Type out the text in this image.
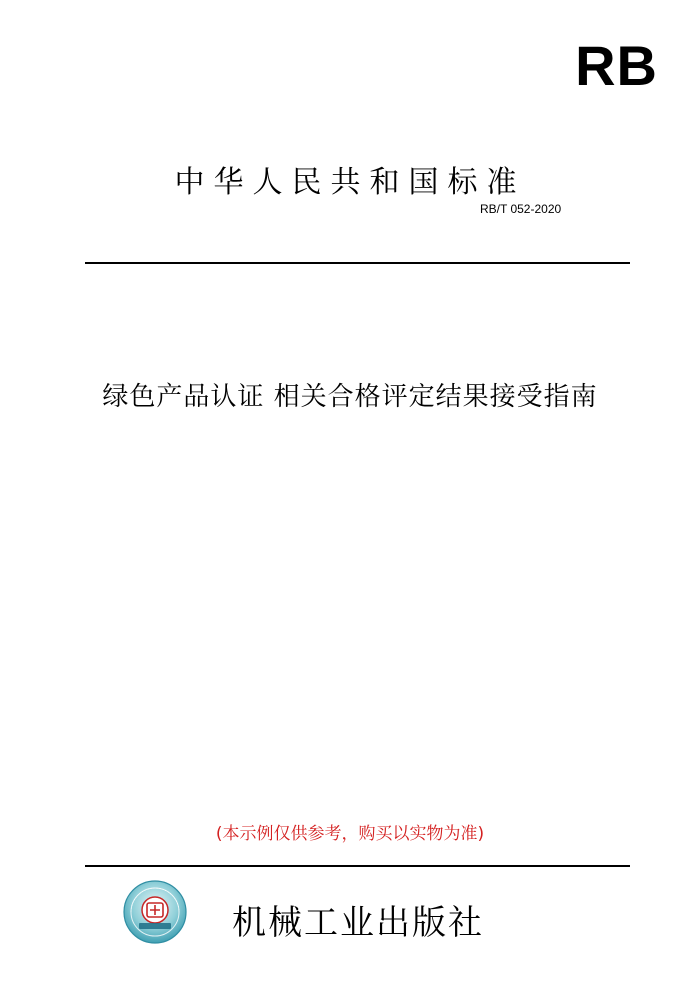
RB
中华人民共和国标准
RB/T 052-2020
绿色产品认证 相关合格评定结果接受指南
(本示例仅供参考，购买以实物为准)
机械工业出版社
